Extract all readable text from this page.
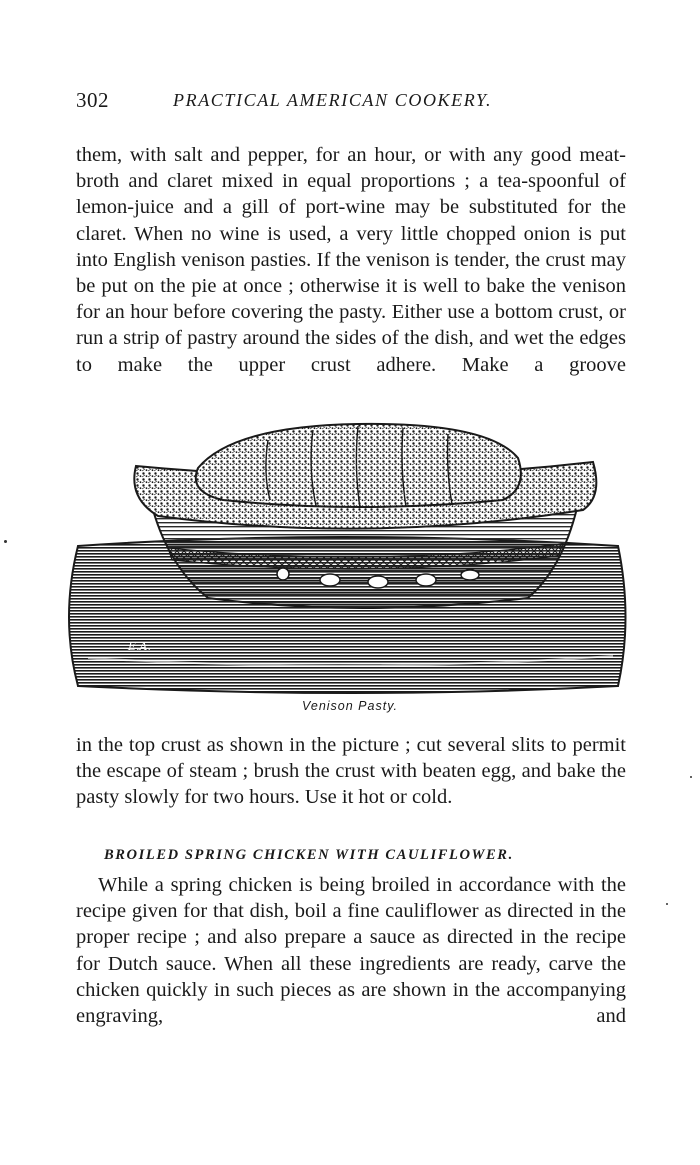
302	PRACTICAL AMERICAN COOKERY.

them, with salt and pepper, for an hour, or with any good meat-broth and claret mixed in equal proportions ; a tea-spoonful of lemon-juice and a gill of port-wine may be substituted for the claret. When no wine is used, a very little chopped onion is put into English venison pasties. If the venison is tender, the crust may be put on the pie at once ; otherwise it is well to bake the venison for an hour before covering the pasty. Either use a bottom crust, or run a strip of pastry around the sides of the dish, and wet the edges to make the upper crust adhere. Make a groove

E.A.
Venison Pasty.

in the top crust as shown in the picture ; cut several slits to permit the escape of steam ; brush the crust with beaten egg, and bake the pasty slowly for two hours. Use it hot or cold.

BROILED SPRING CHICKEN WITH CAULIFLOWER.

While a spring chicken is being broiled in accordance with the recipe given for that dish, boil a fine cauliflower as directed in the proper recipe ; and also prepare a sauce as directed in the recipe for Dutch sauce. When all these ingredients are ready, carve the chicken quickly in such pieces as are shown in the accompanying engraving, and
